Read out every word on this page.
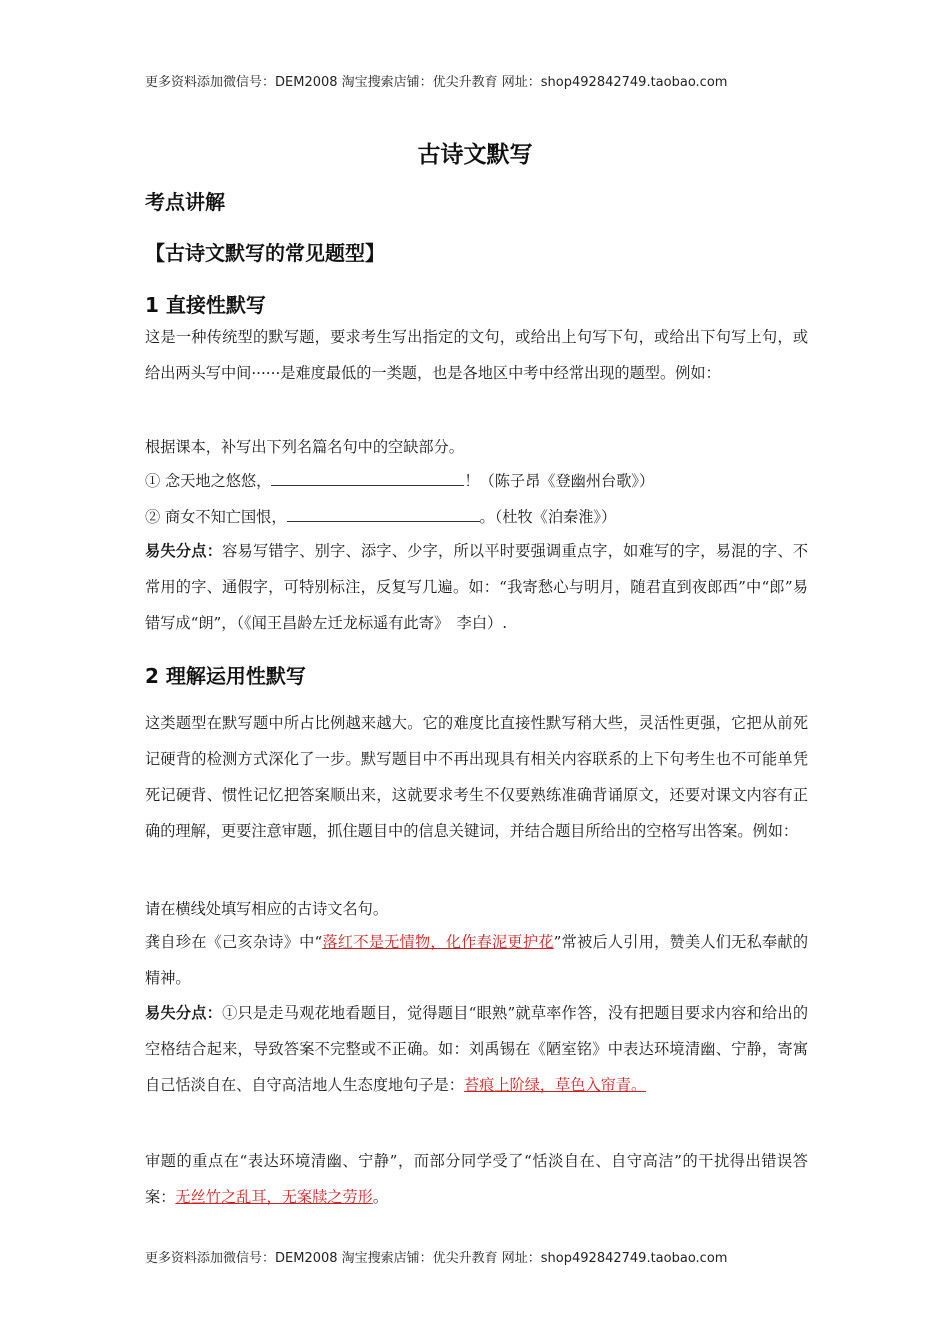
更多资料添加微信号：DEM2008 淘宝搜索店铺：优尖升教育 网址：shop492842749.taobao.com
古诗文默写
考点讲解
【古诗文默写的常见题型】
1 直接性默写

这是一种传统型的默写题，要求考生写出指定的文句，或给出上句写下句，或给出下句写上句，或给出两头写中间······是难度最低的一类题，也是各地区中考中经常出现的题型。例如：

根据课本，补写出下列名篇名句中的空缺部分。

① 念天地之悠悠，	！（陈子昂《登幽州台歌》）

② 商女不知亡国恨，	。（杜牧《泊秦淮》）

易失分点：容易写错字、别字、添字、少字，所以平时要强调重点字，如难写的字，易混的字、不常用的字、通假字，可特别标注，反复写几遍。如：“我寄愁心与明月，随君直到夜郎西”中“郎”易错写成“朗”，（《闻王昌龄左迁龙标遥有此寄》　李白）.

2 理解运用性默写

这类题型在默写题中所占比例越来越大。它的难度比直接性默写稍大些，灵活性更强，它把从前死记硬背的检测方式深化了一步。默写题目中不再出现具有相关内容联系的上下句考生也不可能单凭死记硬背、惯性记忆把答案顺出来，这就要求考生不仅要熟练准确背诵原文，还要对课文内容有正确的理解，更要注意审题，抓住题目中的信息关键词，并结合题目所给出的空格写出答案。例如：

请在横线处填写相应的古诗文名句。

龚自珍在《己亥杂诗》中“落红不是无情物，化作春泥更护花”常被后人引用，赞美人们无私奉献的精神。

易失分点：①只是走马观花地看题目，觉得题目“眼熟”就草率作答，没有把题目要求内容和给出的空格结合起来，导致答案不完整或不正确。如：刘禹锡在《陋室铭》中表达环境清幽、宁静，寄寓自己恬淡自在、自守高洁地人生态度地句子是：苔痕上阶绿，草色入帘青。

审题的重点在“表达环境清幽、宁静”，而部分同学受了“恬淡自在、自守高洁”的干扰得出错误答案：无丝竹之乱耳，无案牍之劳形。

更多资料添加微信号：DEM2008 淘宝搜索店铺：优尖升教育 网址：shop492842749.taobao.com
